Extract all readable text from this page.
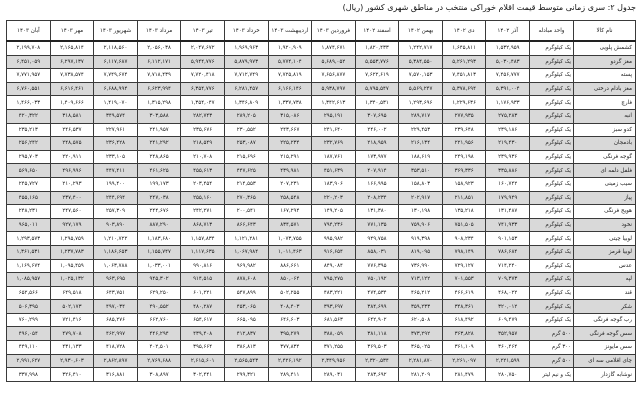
جدول ۲: سری زمانی متوسط قیمت اقلام خوراکی منتخب در مناطق شهری کشور (ریال)
نام کالا	واحد مبادله	آذر ۱۴۰۲	دی ۱۴۰۲	بهمن ۱۴۰۲	اسفند ۱۴۰۲	فروردین ۱۴۰۳	اردیبهشت ۱۴۰۳	خرداد ۱۴۰۳	تیر ۱۴۰۳	مرداد ۱۴۰۳	شهریور ۱۴۰۳	مهر ۱۴۰۳	آبان ۱۴۰۳
کشمش پلویی	یک کیلوگرم	۱,۵۳۲,۹۵۹	۱,۶۴۵,۸۱۱	۱,۲۴۲,۷۱۷	۱,۸۲۰,۴۳۳	۱,۸۷۴,۶۷۱	۱,۹۲۰,۹۰۹	۱,۹۶۹,۹۶۳	۲,۰۴۷,۶۷۲	۲,۰۵۶,۰۳۸	۲,۱۱۸,۵۶۰	۲,۱۶۵,۸۱۴	۲,۱۹۹,۷۰۸
مغز گردو	یک کیلوگرم	۵,۰۳۰,۴۸۳	۵,۲۶۱,۲۹۳	۵,۳۸۴,۵۵۰	۵,۵۵۳,۷۷۶	۵,۶۸۹,۰۵۲	۵,۷۷۴,۱۰۴	۵,۸۷۹,۹۷۳	۵,۹۴۴,۷۷۶	۶,۱۱۲,۱۷۱	۶,۱۱۷,۶۸۷	۶,۲۹۷,۱۳۷	۶,۴۵۱,۰۵۹
پسته	یک کیلوگرم	۷,۴۵۶,۷۷۷	۷,۴۵۱,۸۱۳	۷,۵۷۰,۱۵۳	۷,۶۲۲,۶۱۹	۷,۶۵۶,۸۷۷	۷,۷۲۵,۸۱۹	۷,۷۱۲,۷۴۹	۷,۷۲۰,۴۱۸	۷,۷۱۸,۴۳۹	۷,۷۴۹,۶۷۴	۷,۷۳۸,۵۷۴	۷,۷۷۱,۹۵۷
مغز بادام درختی	یک کیلوگرم	۵,۳۹۱,۰۰۴	۵,۳۷۸,۶۹۴	۵,۵۶۹,۲۴۷	۵,۷۹۵,۵۴۷	۵,۹۳۸,۷۹۷	۶,۱۶۶,۱۴۶	۶,۲۸۱,۴۵۷	۶,۳۵۴,۷۷۶	۶,۶۲۳,۹۹۴	۶,۶۸۸,۹۹۴	۶,۶۱۶,۴۶۱	۶,۷۶۰,۵۵۱
فارچ	یک کیلوگرم	۱,۱۷۶,۹۳۳	۱,۲۲۹,۶۳۶	۱,۲۹۳,۶۹۶	۱,۳۴۰,۵۳۱	۱,۳۴۲,۶۱۳	۱,۳۳۷,۷۳۸	۱,۳۴۶,۸۰۹	۱,۳۵۴,۰۴۷	۱,۳۱۵,۲۹۸	۱,۴۱۹,۰۷۰	۱,۴۰۹,۶۶۶	۱,۴۶۶,۰۳۳
انبه	یک کیلوگرم	۲۷۵,۲۸۳	۲۷۷,۹۳۵	۲۸۹,۷۱۷	۳۰۷,۶۹۵	۲۹۵,۱۹۱	۳۱۵,۰۸۶	۲۸۹,۲۰۵	۲۸۲,۷۴۳	۳۰۳,۵۸۸	۳۴۹,۵۷۴	۳۱۸,۵۸۱	۴۲۰,۳۲۲
کدو سبز	یک کیلوگرم	۲۳۹,۱۸۶	۲۳۹,۶۴۸	۲۲۹,۴۵۳	۲۴۶,۰۰۲	۲۴۱,۶۴۰	۲۴۳,۶۶۷	۲۳۰,۵۵۲	۲۳۵,۶۷۶	۲۴۱,۹۵۷	۲۲۷,۹۶۱	۲۴۶,۵۳۷	۲۳۵,۲۱۳
بادمجان	یک کیلوگرم	۲۱۹,۴۳۰	۲۲۱,۹۵۶	۲۱۶,۱۳۴	۲۱۸,۹۵۹	۲۳۲,۷۶۹	۲۲۵,۲۳۴	۲۵۳,۰۸۷	۲۱۸,۵۴۹	۲۴۱,۲۹۲	۲۳۶,۴۲۸	۲۴۸,۵۷۵	۲۵۶,۲۴۲
گوجه فرنگی	یک کیلوگرم	۲۳۹,۹۳۶	۲۴۹,۱۹۸	۱۸۸,۶۱۹	۱۷۳,۹۷۷	۱۸۷,۷۶۱	۲۱۵,۲۹۱	۲۱۵,۶۹۶	۲۱۰,۷۰۸	۲۴۸,۸۶۵	۲۳۳,۱۰۵	۲۲۰,۹۱۱	۲۹۵,۷۰۳
فلفل دلمه ای	یک کیلوگرم	۳۳۵,۸۸۶	۳۶۹,۳۳۶	۳۵۳,۵۱۰	۴۰۷,۹۱۴	۴۵۱,۶۳۹	۴۳۹,۹۸۱	۴۴۷,۶۲۵	۴۵۵,۶۱۳	۴۶۱,۶۲۵	۴۴۷,۴۱۱	۴۹۶,۹۹۶	۵۶۹,۶۵۰
سیب زمینی	یک کیلوگرم	۱۶۰,۷۴۲	۱۵۸,۹۲۳	۱۵۸,۸۰۳	۱۶۶,۹۹۵	۱۸۳,۹۰۶	۲۰۷,۲۳۱	۲۱۴,۵۵۳	۲۰۳,۴۵۴	۱۹۹,۱۷۳	۱۹۹,۴۰۰	۲۱۰,۲۹۳	۲۴۵,۷۲۷
پیاز	یک کیلوگرم	۱۷۹,۹۴۹	۲۱۱,۸۵۱	۲۰۲,۹۱۷	۲۰۸,۲۳۴	۲۲۰,۲۰۳	۲۵۸,۵۴۸	۲۷۰,۳۶۵	۲۵۵,۱۶۰	۲۴۷,۰۳۸	۲۴۴,۶۹۴	۲۳۷,۴۰۰	۴۵۵,۱۶۵
هویج فرنگی	یک کیلوگرم	۱۳۱,۴۸۷	۱۳۵,۲۱۸	۱۳۰,۱۹۸	۱۳۱,۳۸۰	۱۴۹,۲۰۵	۱۶۷,۲۹۴	۲۰۰,۵۴۱	۲۴۲,۲۷۱	۲۴۴,۶۷۶	۲۵۷,۳۰۹	۲۴۷,۵۶۰	۲۴۸,۲۳۱
نخود	یک کیلوگرم	۷۴۱,۹۳۳	۷۵۱,۵۰۵	۷۵۹,۹۰۶	۷۷۱,۱۳۵	۷۹۴,۲۳۶	۸۳۴,۵۷۱	۸۶۶,۶۴۳	۸۶۸,۷۱۳	۸۸۷,۲۹۰	۹۰۳,۸۹۰	۹۲۷,۱۷۹	۹۶۵,۰۱۱
لوبیا چیتی	یک کیلوگرم	۹۰۱,۱۵۳	۹۰۸,۲۳۴	۹۱۹,۳۹۸	۹۴۹,۷۵۸	۹۹۵,۹۸۲	۱,۰۷۳,۷۵۵	۱,۱۲۱,۲۸۱	۱,۱۵۷,۸۳۴	۱,۱۸۳,۶۸۰	۱,۲۱۰,۷۲۲	۱,۲۹۵,۷۵۹	۱,۲۹۳,۵۷۳
لوبیا قرمز	یک کیلوگرم	۷۸۶,۶۸۴	۷۹۸,۱۴۹	۸۱۹,۰۹۵	۸۵۸,۰۳۱	۹۱۶,۶۵۴	۱,۰۱۱,۴۶۳	۱,۰۶۷,۹۸۴	۱,۱۱۷,۶۳۵	۱,۱۵۵,۷۴۷	۱,۱۸۶,۶۵۳	۱,۲۳۷,۷۸۳	۱,۳۶۱,۵۳۱
عدس	یک کیلوگرم	۷۱۴,۲۴۰	۷۲۹,۱۲۷	۷۳۶,۹۹۰	۷۷۶,۳۹۵	۸۴۹,۰۸۴	۸۸۶,۶۶۱	۹۶۹,۹۸۲	۹۹۰,۸۱۶	۱,۰۳۳,۰۰۱	۱,۰۶۳,۷۸۸	۱,۰۹۵,۴۵۹	۱,۱۶۹,۶۷۴
لپه	یک کیلوگرم	۷۰۹,۳۷۳	۷۰۱,۵۵۳	۷۱۳,۱۲۲	۷۵۰,۱۹۲	۷۹۵,۲۷۵	۸۵۰,۰۶۴	۸۷۸,۶۰۸	۹۱۴,۵۱۵	۹۴۵,۳۰۲	۹۶۳,۶۹۵	۱,۰۲۵,۱۳۲	۱,۰۸۵,۹۵۷
قند	یک کیلوگرم	۴۶۸,۰۲۲	۴۶۶,۶۱۹	۴۶۵,۲۱۲	۴۷۴,۵۳۴	۴۸۳,۲۲۱	۵۰۲,۲۵۵	۵۴۷,۸۹۹	۶۰۱,۲۲۱	۶۲۹,۲۵۰	۶۴۳,۷۵۱	۶۴۹,۵۱۸	۶۵۲,۵۶۶
شکر	یک کیلوگرم	۳۲۰,۰۱۲	۳۴۸,۳۶۱	۳۵۹,۲۳۳	۳۸۴,۶۹۹	۳۹۳,۶۹۷	۴۰۸,۴۰۳	۴۵۳,۰۶۵	۴۸۰,۲۸۷	۴۹۰,۵۵۲	۴۹۷,۰۳۴	۵۰۲,۱۷۳	۵۰۶,۳۹۵
رب گوجه فرنگی	یک کیلوگرم	۶۰۹,۴۷۹	۶۱۸,۴۹۲	۶۲۰,۵۰۸	۶۴۲,۹۰۲	۶۸۱,۵۶۳	۶۴۶,۶۰۳	۶۶۵,۰۹۵	۶۵۴,۶۱۷	۶۶۲,۷۶۰	۶۸۵,۲۷۶	۷۲۱,۴۱۶	۷۶۰,۲۹۹
سس گوجه فرنگی	۵۰۰ گرم	۳۵۲,۹۵۷	۳۶۳,۸۲۸	۳۷۳,۲۹۲	۳۸۱,۱۱۸	۳۸۸,۰۵۹	۳۹۵,۲۷۹	۴۱۲,۸۳۷	۴۳۹,۴۰۸	۴۴۶,۲۹۴	۴۶۲,۹۹۷	۴۷۹,۷۰۸	۴۹۶,۰۵۴
سس مایونز	۳۰۰ گرم	۳۶۰,۴۶۴	۳۶۱,۱۰۹	۳۶۵,۰۲۵	۳۶۹,۵۰۳	۳۷۱,۲۵۵	۳۷۷,۸۳۴	۳۸۶,۸۱۳	۳۹۵,۶۶۴	۴۰۲,۵۰۱	۴۱۸,۷۲۸	۴۳۱,۱۳۳	۴۴۹,۱۱۰
چای اقلامی سه ای	۵۰۰ گرم	۲,۲۲۱,۵۹۹	۲,۲۶۱,۰۹۷	۲,۲۸۱,۸۷۰	۲,۳۲۰,۵۳۴	۲,۳۴۹,۹۵۶	۲,۴۲۶,۱۹۲	۲,۵۶۵,۵۴۳	۲,۶۱۵,۶۰۱	۲,۷۶۹,۶۸۸	۲,۸۶۲,۸۹۷	۲,۹۳۰,۶۰۳	۲,۹۹۱,۶۲۷
نوشابه گازدار	یک و نیم لیتر	۲۸۰,۷۵۰	۲۸۱,۴۷۹	۲۸۱,۲۰۹	۲۸۳,۶۹۲	۲۸۹,۰۳۱	۲۸۹,۴۱۱	۲۹۹,۳۲۱	۳۰۲,۴۴۱	۳۰۸,۸۹۷	۳۱۶,۸۸۱	۳۲۶,۴۱۰	۳۳۷,۹۹۸
